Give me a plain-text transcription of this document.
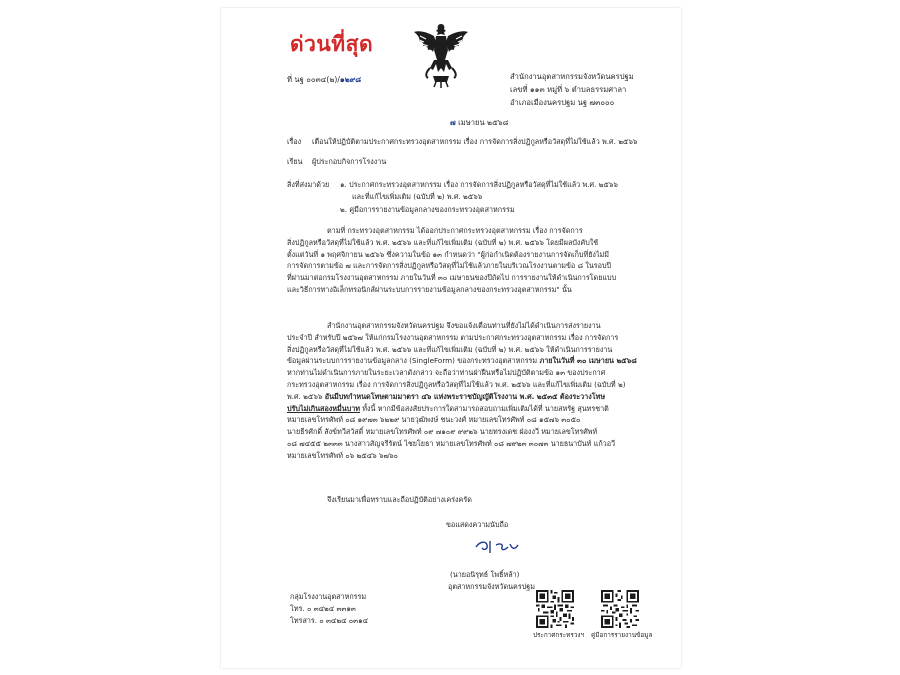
ด่วนที่สุด
ที่ นฐ ๐๐๓๔(๒)/๑๒๙๘	สำนักงานอุตสาหกรรมจังหวัดนครปฐม
เลขที่ ๑๑๓ หมู่ที่ ๖ ตำบลธรรมศาลา
อำเภอเมืองนครปฐม นฐ ๗๓๐๐๐
๗ เมษายน ๒๕๖๘
เรื่อง เตือนให้ปฏิบัติตามประกาศกระทรวงอุตสาหกรรม เรื่อง การจัดการสิ่งปฏิกูลหรือวัสดุที่ไม่ใช้แล้ว พ.ศ. ๒๕๖๖
เรียน ผู้ประกอบกิจการโรงงาน
สิ่งที่ส่งมาด้วย ๑. ประกาศกระทรวงอุตสาหกรรม เรื่อง การจัดการสิ่งปฏิกูลหรือวัสดุที่ไม่ใช้แล้ว พ.ศ. ๒๕๖๖
และที่แก้ไขเพิ่มเติม (ฉบับที่ ๒) พ.ศ. ๒๕๖๖
๒. คู่มือการรายงานข้อมูลกลางของกระทรวงอุตสาหกรรม

ตามที่ กระทรวงอุตสาหกรรม ได้ออกประกาศกระทรวงอุตสาหกรรม เรื่อง การจัดการ

สิ่งปฏิกูลหรือวัสดุที่ไม่ใช้แล้ว พ.ศ. ๒๕๖๖ และที่แก้ไขเพิ่มเติม (ฉบับที่ ๒) พ.ศ. ๒๕๖๖ โดยมีผลบังคับใช้

ตั้งแต่วันที่ ๑ พฤศจิกายน ๒๕๖๖ ซึ่งความในข้อ ๑๓ กำหนดว่า "ผู้ก่อกำเนิดต้องรายงานการจัดเก็บที่ยังไม่มี

การจัดการตามข้อ ๗ และการจัดการสิ่งปฏิกูลหรือวัสดุที่ไม่ใช้แล้วภายในบริเวณโรงงานตามข้อ ๘ ในรอบปี

ที่ผ่านมาต่อกรมโรงงานอุตสาหกรรม ภายในวันที่ ๓๐ เมษายนของปีถัดไป การรายงานให้ดำเนินการโดยแบบ

และวิธีการทางอิเล็กทรอนิกส์ผ่านระบบการรายงานข้อมูลกลางของกระทรวงอุตสาหกรรม" นั้น

สำนักงานอุตสาหกรรมจังหวัดนครปฐม จึงขอแจ้งเตือนท่านที่ยังไม่ได้ดำเนินการส่งรายงาน

ประจำปี สำหรับปี ๒๕๖๗ ให้แก่กรมโรงงานอุตสาหกรรม ตามประกาศกระทรวงอุตสาหกรรม เรื่อง การจัดการ

สิ่งปฏิกูลหรือวัสดุที่ไม่ใช้แล้ว พ.ศ. ๒๕๖๖ และที่แก้ไขเพิ่มเติม (ฉบับที่ ๒) พ.ศ. ๒๕๖๖ ให้ดำเนินการรายงาน

ข้อมูลผ่านระบบการรายงานข้อมูลกลาง (SingleForm) ของกระทรวงอุตสาหกรรม ภายในวันที่ ๓๐ เมษายน ๒๕๖๘

หากท่านไม่ดำเนินการภายในระยะเวลาดังกล่าว จะถือว่าท่านฝ่าฝืนหรือไม่ปฏิบัติตามข้อ ๑๓ ของประกาศ

กระทรวงอุตสาหกรรม เรื่อง การจัดการสิ่งปฏิกูลหรือวัสดุที่ไม่ใช้แล้ว พ.ศ. ๒๕๖๖ และที่แก้ไขเพิ่มเติม (ฉบับที่ ๒)

พ.ศ. ๒๕๖๖ อันมีบทกำหนดโทษตามมาตรา ๔๖ แห่งพระราชบัญญัติโรงงาน พ.ศ. ๒๕๓๕ ต้องระวางโทษ

ปรับไม่เกินสองหมื่นบาท ทั้งนี้ หากมีข้อสงสัยประการใดสามารถสอบถามเพิ่มเติมได้ที่ นายสหรัฐ สุนทรชาติ

หมายเลขโทรศัพท์ ๐๘ ๑๙๗๓ ๖๒๒๙ นายวุฒิพงษ์ ชนะวงศ์ หมายเลขโทรศัพท์ ๐๘ ๑๕๗๖ ๓๐๕๐

นายธีรศักดิ์ สังข์ทวีสวัสดิ์ หมายเลขโทรศัพท์ ๐๙ ๗๑๐๙ ๙๙๒๖ นายทรงเดช ฝ่องงวี หมายเลขโทรศัพท์

๐๘ ๗๔๕๕ ๒๓๓๓ นางสาวสัญจรีรัตน์ ไชยโยธา หมายเลขโทรศัพท์ ๐๘ ๗๙๒๓ ๓๐๗๓ นายธนาบันท์ แก้วอวี

หมายเลขโทรศัพท์ ๐๖ ๒๕๔๖ ๖๗๖๐

จึงเรียนมาเพื่อทราบและถือปฏิบัติอย่างเคร่งครัด
ขอแสดงความนับถือ
(นายอนิรุทธ์ โพธิ์หล้า)
อุตสาหกรรมจังหวัดนครปฐม
กลุ่มโรงงานอุตสาหกรรม
โทร. ๐ ๓๔๒๔ ๓๓๑๓
โทรสาร. ๐ ๓๔๒๔ ๐๓๑๔
ประกาศกระทรวงฯ คู่มือการรายงานข้อมูล
